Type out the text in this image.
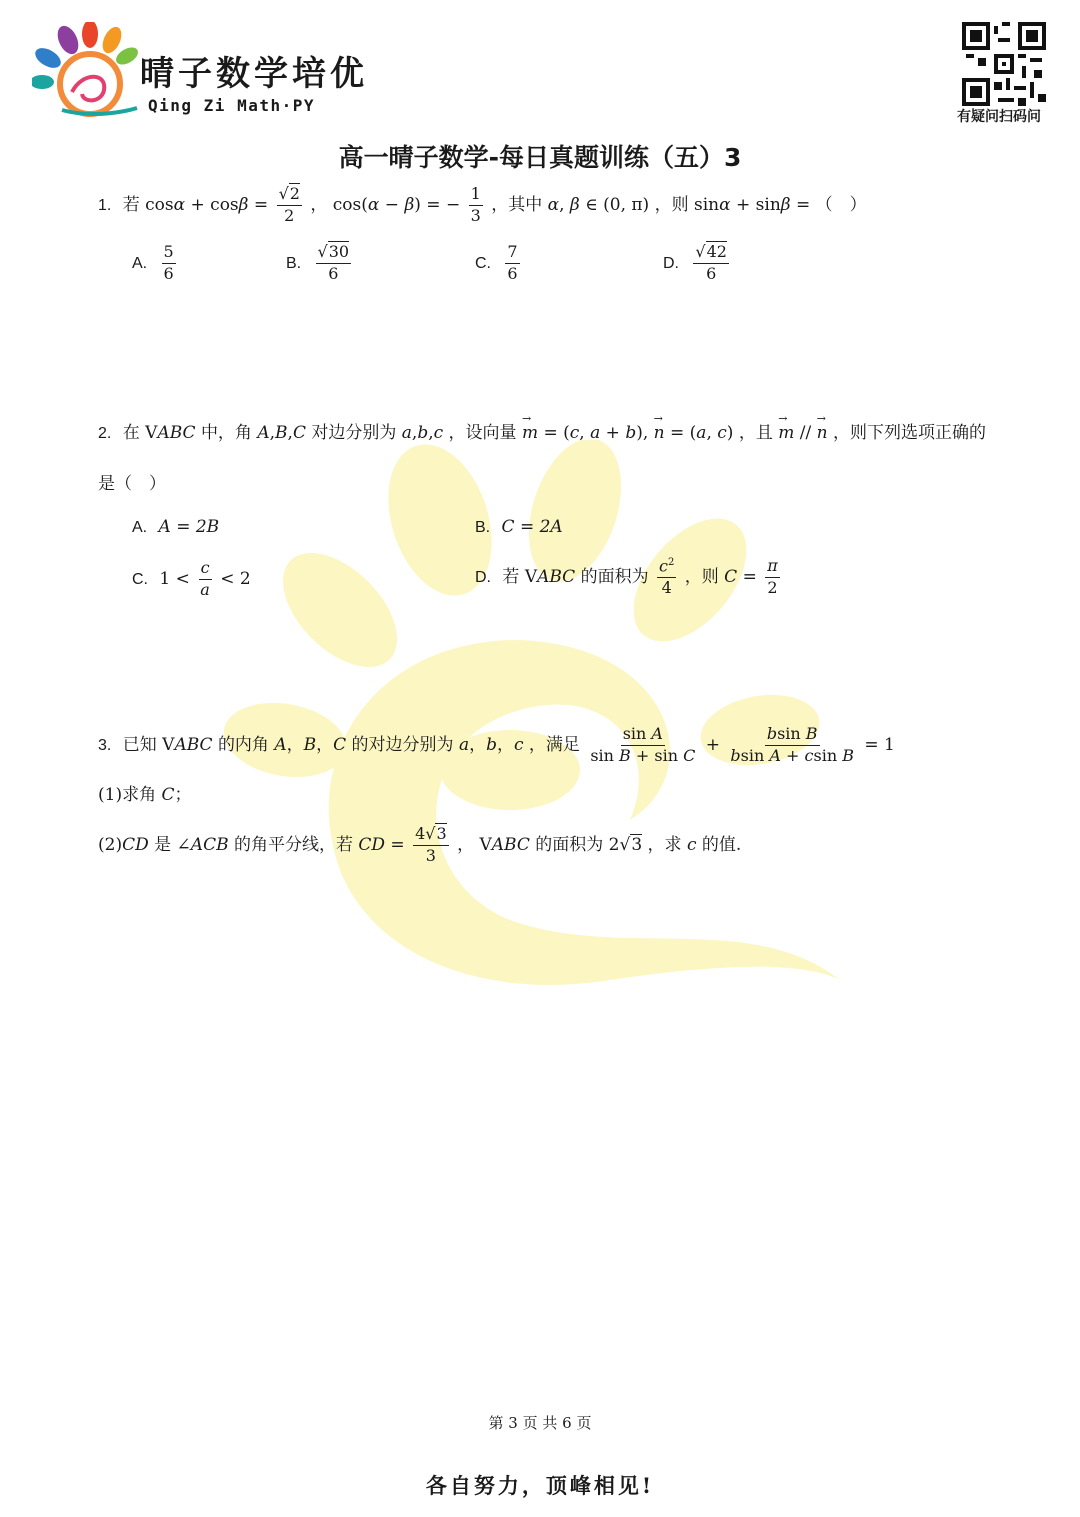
晴子数学培优
Qing Zi Math·PY
有疑问扫码问
高一晴子数学-每日真题训练（五）3
1. 若 $\cos\alpha + \cos\beta = \frac{√2}{2}$ ， cos(α − β) = − $\frac{1}{3}$ ，其中 α, β ∈ (0, π) ，则 sinα + sinβ = （　）
A. $\frac{5}{6}$	B. $\frac{√30}{6}$	C. $\frac{7}{6}$	D. $\frac{√42}{6}$
2. 在 VABC 中，角 A,B,C 对边分别为 a,b,c ，设向量 → m = (c, a + b), → n = (a, c) ，且 → m // → n ，则下列选项正确的
是（　）
A. A = 2B	B. C = 2A
C. $1 < \frac{c}{a} < 2$	D. 若 VABC 的面积为 $\frac{c^2}{4}$ ，则 $C = \frac{\pi}{2}$
3. 已知 VABC 的内角 A，B，C 的对边分别为 a，b，c ，满足 $\frac{\text{sin A}}{\text{sin B + sin C}} + \frac{\text{bsin B}}{\text{bsin A + csin B}} = 1$
(1)求角 C；
(2)CD 是 ∠ACB 的角平分线，若 CD = $\frac{4√3}{3}$ ， VABC 的面积为 2√3 ，求 c 的值.
第 3 页 共 6 页
各自努力，顶峰相见!
